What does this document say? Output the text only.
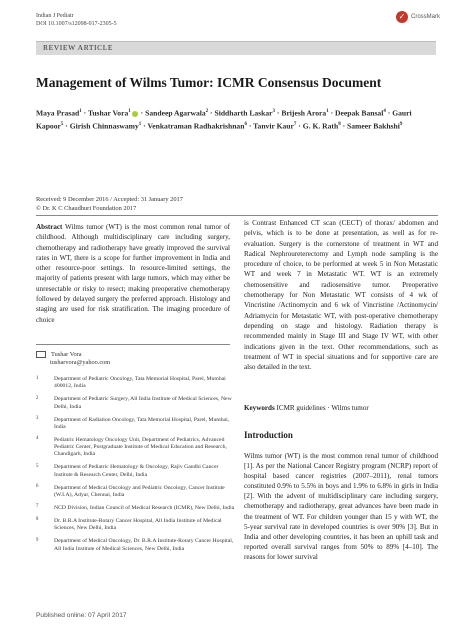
Indian J Pediatr
DOI 10.1007/s12098-017-2305-5
✓ CrossMark
REVIEW ARTICLE
Management of Wilms Tumor: ICMR Consensus Document
Maya Prasad$^1$ · Tushar Vora$^1$ · Sandeep Agarwala$^2$ · Siddharth Laskar$^3$ · Brijesh Arora$^1$ · Deepak Bansal$^4$ · Gauri Kapoor$^5$ · Girish Chinnaswamy$^1$ · Venkatraman Radhakrishnan$^6$ · Tanvir Kaur$^7$ · G. K. Rath$^8$ · Sameer Bakhshi$^9$
Received: 9 December 2016 / Accepted: 31 January 2017
© Dr. K C Chaudhuri Foundation 2017
Abstract Wilms tumor (WT) is the most common renal tumor of childhood. Although multidisciplinary care including surgery, chemotherapy and radiotherapy have greatly improved the survival rates in WT, there is a scope for further improvement in India and other resource-poor settings. In resource-limited settings, the majority of patients present with large tumors, which may either be unresectable or risky to resect; making preoperative chemotherapy followed by delayed surgery the preferred approach. Histology and staging are used for risk stratification. The imaging procedure of choice
is Contrast Enhanced CT scan (CECT) of thorax/ abdomen and pelvis, which is to be done at presentation, as well as for re-evaluation. Surgery is the cornerstone of treatment in WT and Radical Nephroureterectomy and Lymph node sampling is the procedure of choice, to be performed at week 5 in Non Metastatic WT and week 7 in Metastatic WT. WT is an extremely chemosensitive and radiosensitive tumor. Preoperative chemotherapy for Non Metastatic WT consists of 4 wk of Vincristine /Actinomycin and 6 wk of Vincristine /Actinomycin/ Adriamycin for Metastatic WT, with post-operative chemotherapy depending on stage and histology. Radiation therapy is recommended mainly in Stage III and Stage IV WT, with other indications given in the text. Other recommendations, such as treatment of WT in special situations and for supportive care are also detailed in the text.
Tushar Vora
tusharvora@yahoo.com
1	Department of Pediatric Oncology, Tata Memorial Hospital, Parel, Mumbai 400012, India
2	Department of Pediatric Surgery, All India Institute of Medical Sciences, New Delhi, India
3	Department of Radiation Oncology, Tata Memorial Hospital, Parel, Mumbai, India
4	Pediatric Hematology Oncology Unit, Department of Pediatrics, Advanced Pediatric Center, Postgraduate Institute of Medical Education and Research, Chandigarh, India
5	Department of Pediatric Hematology & Oncology, Rajiv Gandhi Cancer Institute & Research Center, Delhi, India
6	Department of Medical Oncology and Pediatric Oncology, Cancer Institute (W.I.A), Adyar, Chennai, India
7	NCD Division, Indian Council of Medical Research (ICMR), New Delhi, India
8	Dr. B.R.A Institute-Rotary Cancer Hospital, All India Institute of Medical Sciences, New Delhi, India
9	Department of Medical Oncology, Dr. B.R.A Institute-Rotary Cancer Hospital, All India Institute of Medical Sciences, New Delhi, India
Keywords ICMR guidelines · Wilms tumor
Introduction
Wilms tumor (WT) is the most common renal tumor of childhood [1]. As per the National Cancer Registry program (NCRP) report of hospital based cancer registries (2007–2011), renal tumors constituted 0.9% to 5.5% in boys and 1.9% to 6.8% in girls in India [2]. With the advent of multidisciplinary care including surgery, chemotherapy and radiotherapy, great advances have been made in the treatment of WT. For children younger than 15 y with WT, the 5-year survival rate in developed countries is over 90% [3]. But in India and other developing countries, it has been an uphill task and reported overall survival ranges from 50% to 89% [4–10]. The reasons for lower survival
Published online: 07 April 2017
